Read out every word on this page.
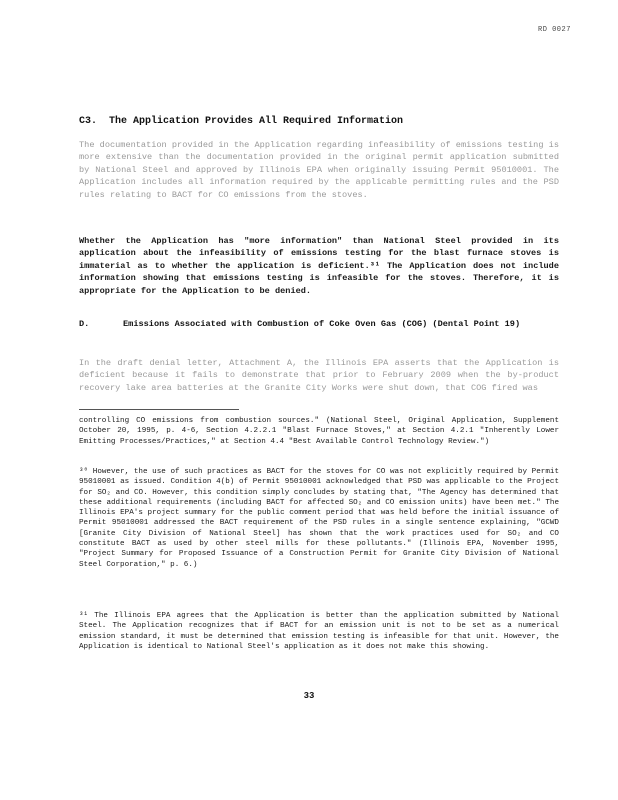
RD 0027
C3. The Application Provides All Required Information

The documentation provided in the Application regarding infeasibility of emissions testing is more extensive than the documentation provided in the original permit application submitted by National Steel and approved by Illinois EPA when originally issuing Permit 95010001. The Application includes all information required by the applicable permitting rules and the PSD rules relating to BACT for CO emissions from the stoves.

Whether the Application has "more information" than National Steel provided in its application about the infeasibility of emissions testing for the blast furnace stoves is immaterial as to whether the application is deficient.³¹ The Application does not include information showing that emissions testing is infeasible for the stoves. Therefore, it is appropriate for the Application to be denied.

D.	Emissions Associated with Combustion of Coke Oven Gas (COG) (Dental Point 19)

In the draft denial letter, Attachment A, the Illinois EPA asserts that the Application is deficient because it fails to demonstrate that prior to February 2009 when the by-product recovery lake area batteries at the Granite City Works were shut down, that COG fired was

controlling CO emissions from combustion sources." (National Steel, Original Application, Supplement October 20, 1995, p. 4-6, Section 4.2.2.1 "Blast Furnace Stoves," at Section 4.2.1 "Inherently Lower Emitting Processes/Practices," at Section 4.4 "Best Available Control Technology Review.")

³⁰ However, the use of such practices as BACT for the stoves for CO was not explicitly required by Permit 95010001 as issued. Condition 4(b) of Permit 95010001 acknowledged that PSD was applicable to the Project for SO₂ and CO. However, this condition simply concludes by stating that, "The Agency has determined that these additional requirements (including BACT for affected SO₂ and CO emission units) have been met." The Illinois EPA's project summary for the public comment period that was held before the initial issuance of Permit 95010001 addressed the BACT requirement of the PSD rules in a single sentence explaining, "GCWD [Granite City Division of National Steel] has shown that the work practices used for SO₂ and CO constitute BACT as used by other steel mills for these pollutants." (Illinois EPA, November 1995, "Project Summary for Proposed Issuance of a Construction Permit for Granite City Division of National Steel Corporation," p. 6.)

³¹ The Illinois EPA agrees that the Application is better than the application submitted by National Steel. The Application recognizes that if BACT for an emission unit is not to be set as a numerical emission standard, it must be determined that emission testing is infeasible for that unit. However, the Application is identical to National Steel's application as it does not make this showing.

33
